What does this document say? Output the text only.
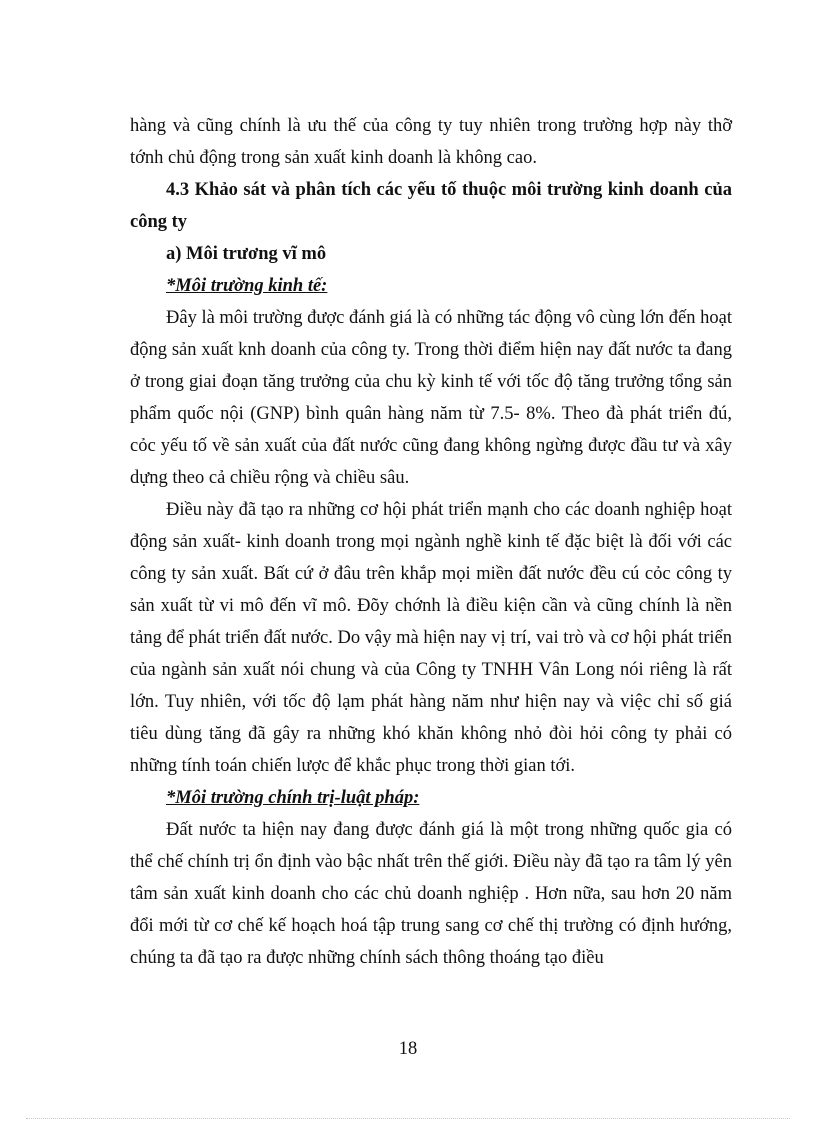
hàng và cũng chính là ưu thế của công ty tuy nhiên trong trường hợp này thỡ tớnh chủ động trong sản xuất kinh doanh là không cao.

4.3 Khảo sát và phân tích các yếu tố thuộc môi trường kinh doanh của công ty

a) Môi trương vĩ mô

*Môi trường kinh tế:

Đây là môi trường được đánh giá là có những tác động vô cùng lớn đến hoạt động sản xuất knh doanh của công ty. Trong thời điểm hiện nay đất nước ta đang ở trong giai đoạn tăng trưởng của chu kỳ kinh tế với tốc độ tăng trưởng tổng sản phẩm quốc nội (GNP) bình quân hàng năm từ 7.5- 8%. Theo đà phát triển đú, cỏc yếu tố về sản xuất của đất nước cũng đang không ngừng được đầu tư và xây dựng theo cả chiều rộng và chiều sâu.

Điều này đã tạo ra những cơ hội phát triển mạnh cho các doanh nghiệp hoạt động sản xuất- kinh doanh trong mọi ngành nghề kinh tế đặc biệt là đối với các công ty sản xuất. Bất cứ ở đâu trên khắp mọi miền đất nước đều cú cỏc công ty sản xuất từ vi mô đến vĩ mô. Đõy chớnh là điều kiện cần và cũng chính là nền tảng để phát triển đất nước. Do vậy mà hiện nay vị trí, vai trò và cơ hội phát triển của ngành sản xuất nói chung và của Công ty TNHH Vân Long nói riêng là rất lớn. Tuy nhiên, với tốc độ lạm phát hàng năm như hiện nay và việc chỉ số giá tiêu dùng tăng đã gây ra những khó khăn không nhỏ đòi hỏi công ty phải có những tính toán chiến lược để khắc phục trong thời gian tới.

*Môi trường chính trị-luật pháp:

Đất nước ta hiện nay đang được đánh giá là một trong những quốc gia có thể chế chính trị ổn định vào bậc nhất trên thế giới. Điều này đã tạo ra tâm lý yên tâm sản xuất kinh doanh cho các chủ doanh nghiệp . Hơn nữa, sau hơn 20 năm đổi mới từ cơ chế kế hoạch hoá tập trung sang cơ chế thị trường có định hướng, chúng ta đã tạo ra được những chính sách thông thoáng tạo điều

18
